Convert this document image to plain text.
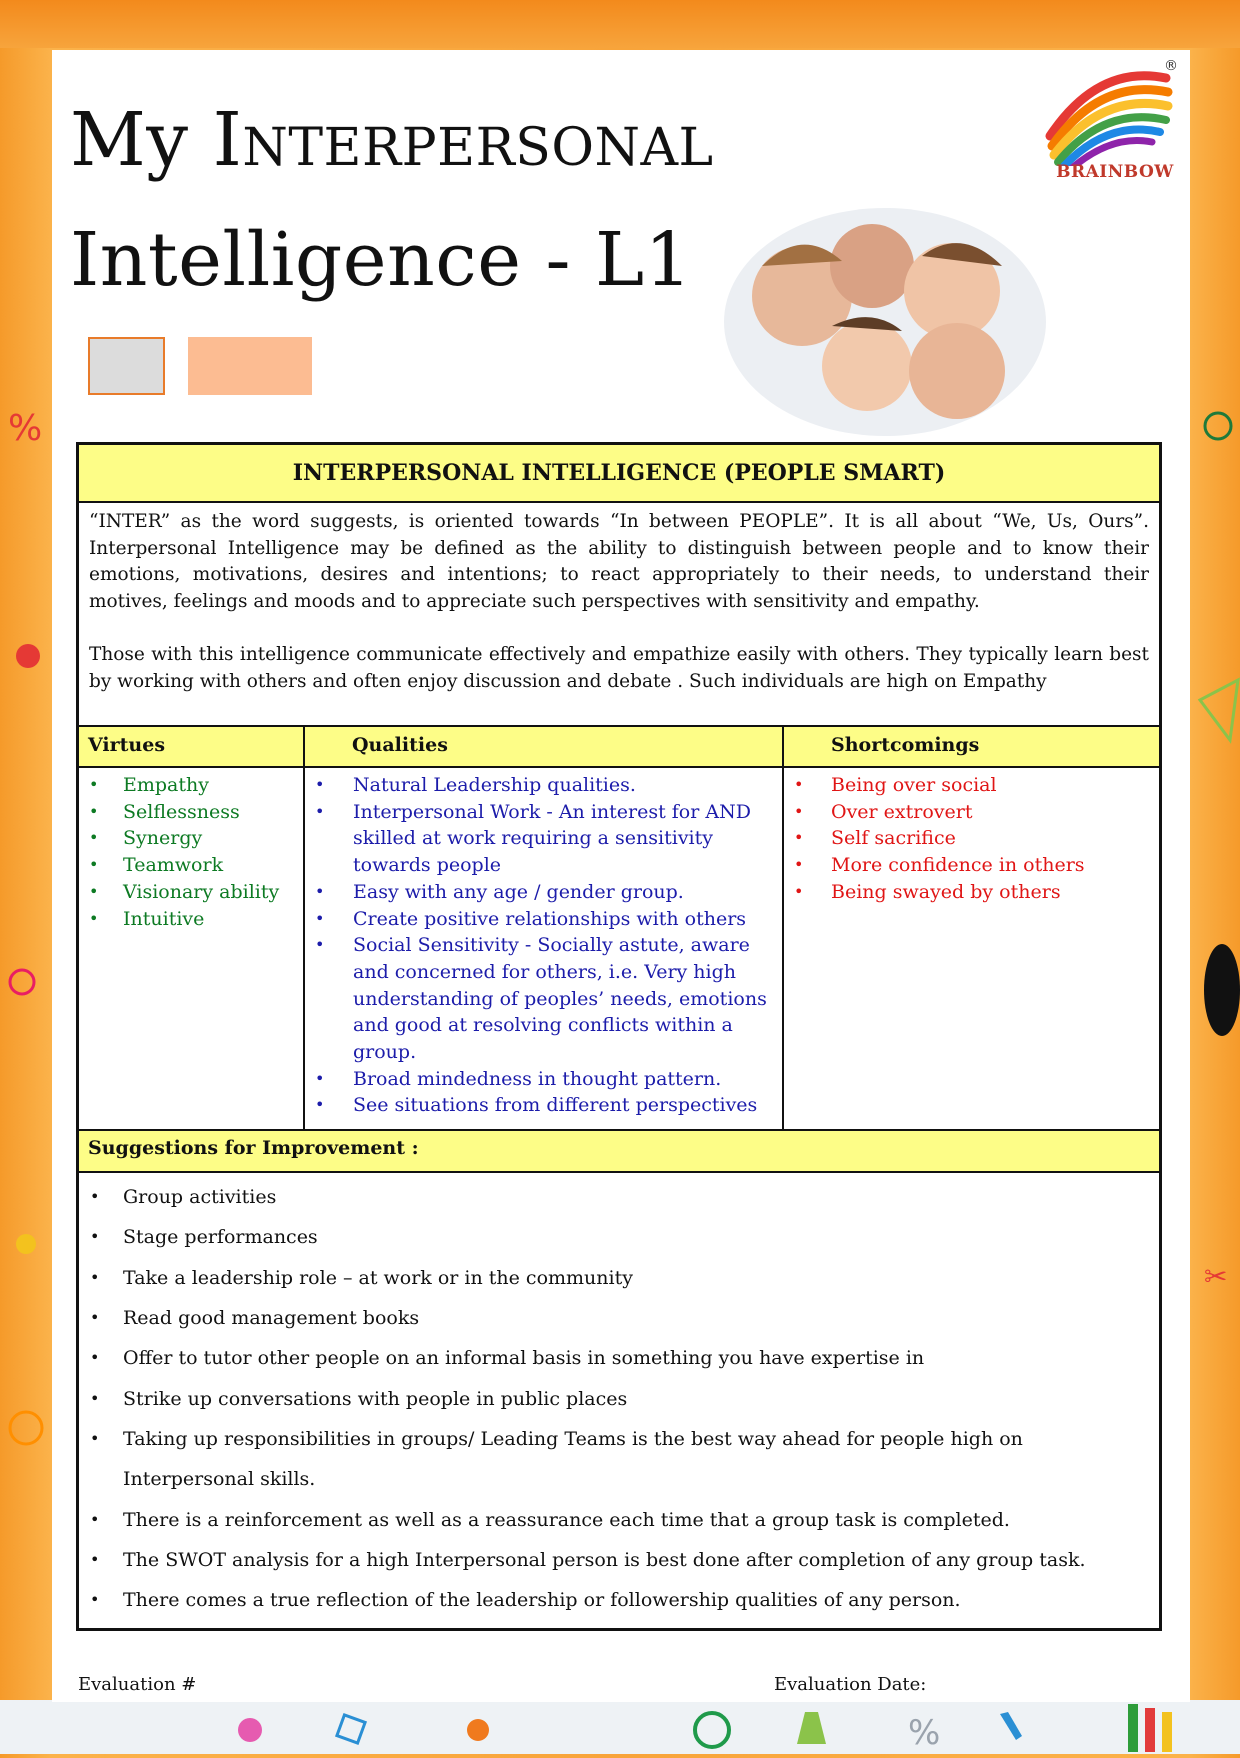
%
%
✂
My Interpersonal
Intelligence - L1
®
BRAINBOW
INTERPERSONAL INTELLIGENCE (PEOPLE SMART)

“INTER” as the word suggests, is oriented towards “In between PEOPLE”. It is all about “We, Us, Ours”. Interpersonal Intelligence may be defined as the ability to distinguish between people and to know their emotions, motivations, desires and intentions; to react appropriately to their needs, to understand their motives, feelings and moods and to appreciate such perspectives with sensitivity and empathy.

Those with this intelligence communicate effectively and empathize easily with others. They typically learn best by working with others and often enjoy discussion and debate . Such individuals are high on Empathy

Virtues
• Empathy
• Selflessness
• Synergy
• Teamwork
• Visionary ability
• Intuitive
Qualities
• Natural Leadership qualities.
• Interpersonal Work - An interest for AND skilled at work requiring a sensitivity towards people
• Easy with any age / gender group.
• Create positive relationships with others
• Social Sensitivity - Socially astute, aware and concerned for others, i.e. Very high understanding of peoples’ needs, emotions and good at resolving conflicts within a group.
• Broad mindedness in thought pattern.
• See situations from different perspectives
Shortcomings
• Being over social
• Over extrovert
• Self sacrifice
• More confidence in others
• Being swayed by others
Suggestions for Improvement :
• Group activities
• Stage performances
• Take a leadership role – at work or in the community
• Read good management books
• Offer to tutor other people on an informal basis in something you have expertise in
• Strike up conversations with people in public places
• Taking up responsibilities in groups/ Leading Teams is the best way ahead for people high on Interpersonal skills.
• There is a reinforcement as well as a reassurance each time that a group task is completed.
• The SWOT analysis for a high Interpersonal person is best done after completion of any group task.
• There comes a true reflection of the leadership or followership qualities of any person.
Evaluation #	Evaluation Date:
